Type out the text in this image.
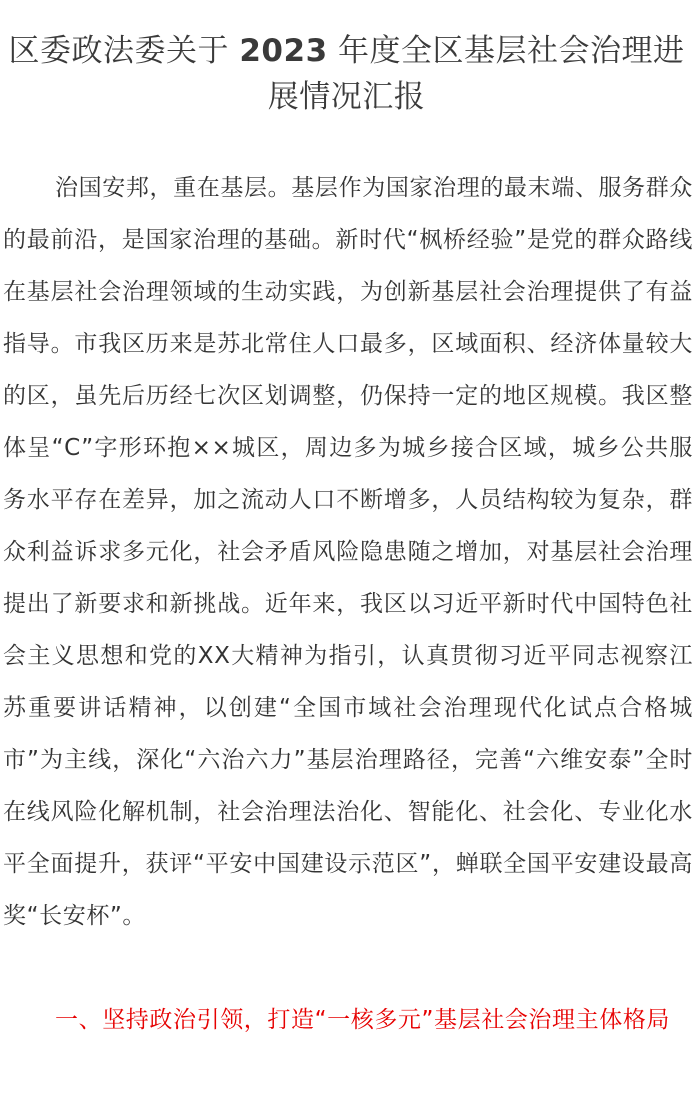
区委政法委关于 2023 年度全区基层社会治理进展情况汇报

治国安邦，重在基层。基层作为国家治理的最末端、服务群众的最前沿，是国家治理的基础。新时代“枫桥经验”是党的群众路线在基层社会治理领域的生动实践，为创新基层社会治理提供了有益指导。市我区历来是苏北常住人口最多，区域面积、经济体量较大的区，虽先后历经七次区划调整，仍保持一定的地区规模。我区整体呈“C”字形环抱××城区，周边多为城乡接合区域，城乡公共服务水平存在差异，加之流动人口不断增多，人员结构较为复杂，群众利益诉求多元化，社会矛盾风险隐患随之增加，对基层社会治理提出了新要求和新挑战。近年来，我区以习近平新时代中国特色社会主义思想和党的XX大精神为指引，认真贯彻习近平同志视察江苏重要讲话精神，以创建“全国市域社会治理现代化试点合格城市”为主线，深化“六治六力”基层治理路径，完善“六维安泰”全时在线风险化解机制，社会治理法治化、智能化、社会化、专业化水平全面提升，获评“平安中国建设示范区”，蝉联全国平安建设最高奖“长安杯”。

一、坚持政治引领，打造“一核多元”基层社会治理主体格局
